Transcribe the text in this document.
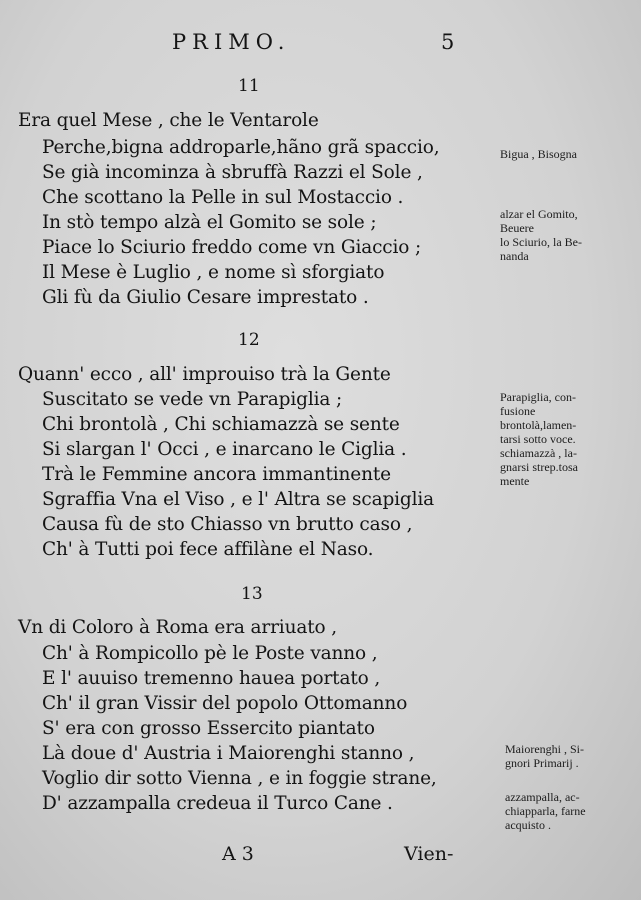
PRIMO.	5
11
Era quel Mese , che le Ventarole
Perche,bigna addroparle,hãno grã spaccio,
Se già incominza à sbruffà Razzi el Sole ,
Che scottano la Pelle in sul Mostaccio .
In stò tempo alzà el Gomito se sole ;
Piace lo Sciurio freddo come vn Giaccio ;
Il Mese è Luglio , e nome sì sforgiato
Gli fù da Giulio Cesare imprestato .
12
Quann' ecco , all' improuiso trà la Gente
Suscitato se vede vn Parapiglia ;
Chi brontolà , Chi schiamazzà se sente
Si slargan l' Occi , e inarcano le Ciglia .
Trà le Femmine ancora immantinente
Sgraffia Vna el Viso , e l' Altra se scapiglia
Causa fù de sto Chiasso vn brutto caso ,
Ch' à Tutti poi fece affilàne el Naso.
13
Vn di Coloro à Roma era arriuato ,
Ch' à Rompicollo pè le Poste vanno ,
E l' auuiso tremenno hauea portato ,
Ch' il gran Vissir del popolo Ottomanno
S' era con grosso Essercito piantato
Là doue d' Austria i Maiorenghi stanno ,
Voglio dir sotto Vienna , e in foggie strane,
D' azzampalla credeua il Turco Cane .
Bigua , Bisogna
alzar el Gomito,
Beuere
lo Sciurio, la Be-
nanda
Parapiglia, con-
fusione
brontolà,lamen-
tarsi sotto voce.
schiamazzà , la-
gnarsi strep.tosa
mente
Maiorenghi , Si-
gnori Primarij .
azzampalla, ac-
chiapparla, farne
acquisto .
A 3	Vien-
